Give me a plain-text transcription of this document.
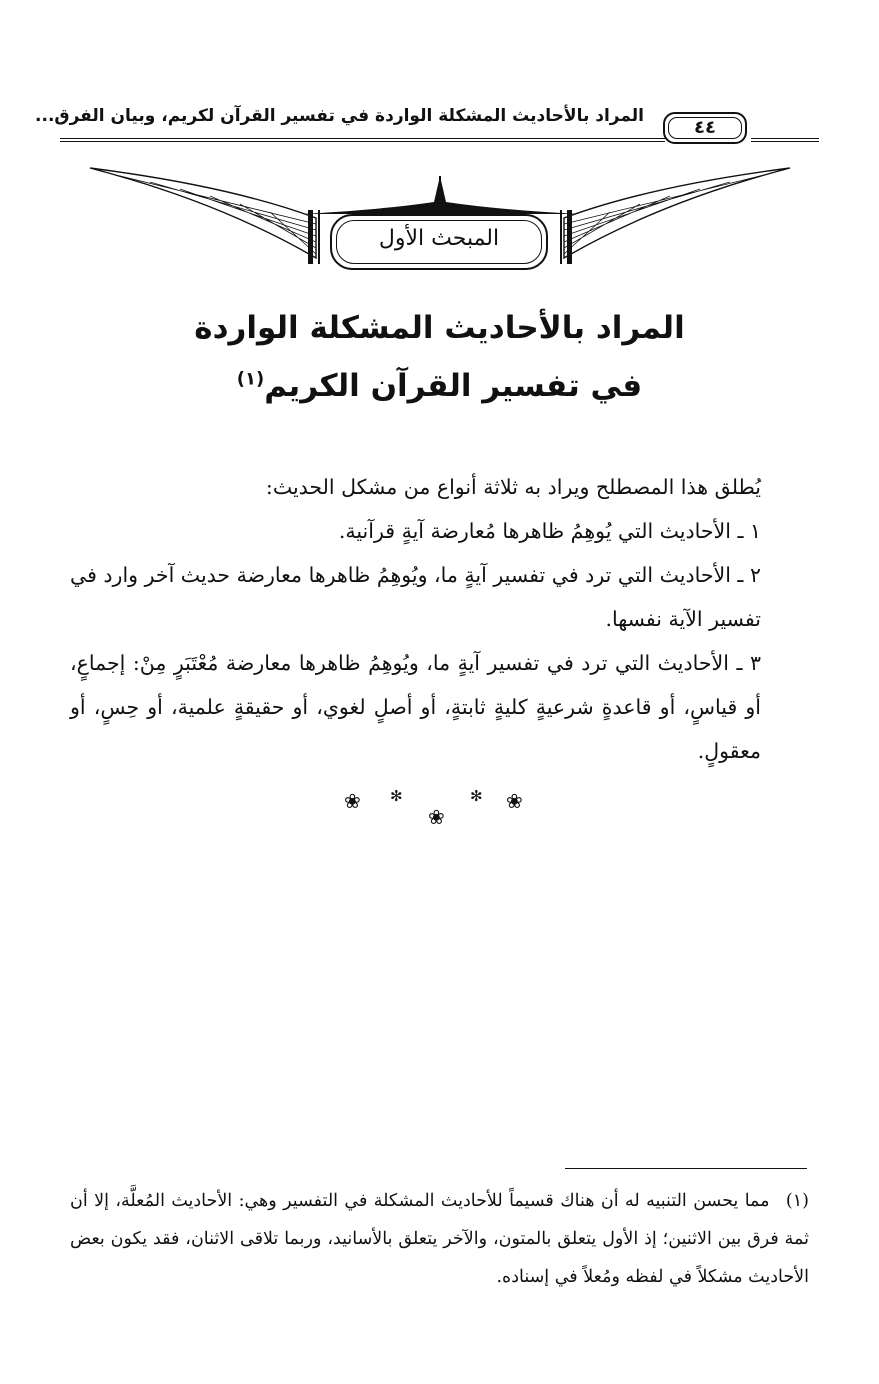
المراد بالأحاديث المشكلة الواردة في تفسير القرآن لكريم، وبيان الفرق...
٤٤
المبحث الأول
المراد بالأحاديث المشكلة الواردة
في تفسير القرآن الكريم$^{(١)}$

يُطلق هذا المصطلح ويراد به ثلاثة أنواع من مشكل الحديث:

١ ـ الأحاديث التي يُوهِمُ ظاهرها مُعارضة آيةٍ قرآنية.

٢ ـ الأحاديث التي ترد في تفسير آيةٍ ما، ويُوهِمُ ظاهرها معارضة حديث آخر وارد في تفسير الآية نفسها.

٣ ـ الأحاديث التي ترد في تفسير آيةٍ ما، ويُوهِمُ ظاهرها معارضة مُعْتَبَرٍ مِنْ: إجماعٍ، أو قياسٍ، أو قاعدةٍ شرعيةٍ كليةٍ ثابتةٍ، أو أصلٍ لغوي، أو حقيقةٍ علمية، أو حِسٍ، أو معقولٍ.

❀
✻
❀
✻
❀
(١) مما يحسن التنبيه له أن هناك قسيماً للأحاديث المشكلة في التفسير وهي: الأحاديث المُعلَّة، إلا أن ثمة فرق بين الاثنين؛ إذ الأول يتعلق بالمتون، والآخر يتعلق بالأسانيد، وربما تلاقى الاثنان، فقد يكون بعض الأحاديث مشكلاً في لفظه ومُعلاً في إسناده.
